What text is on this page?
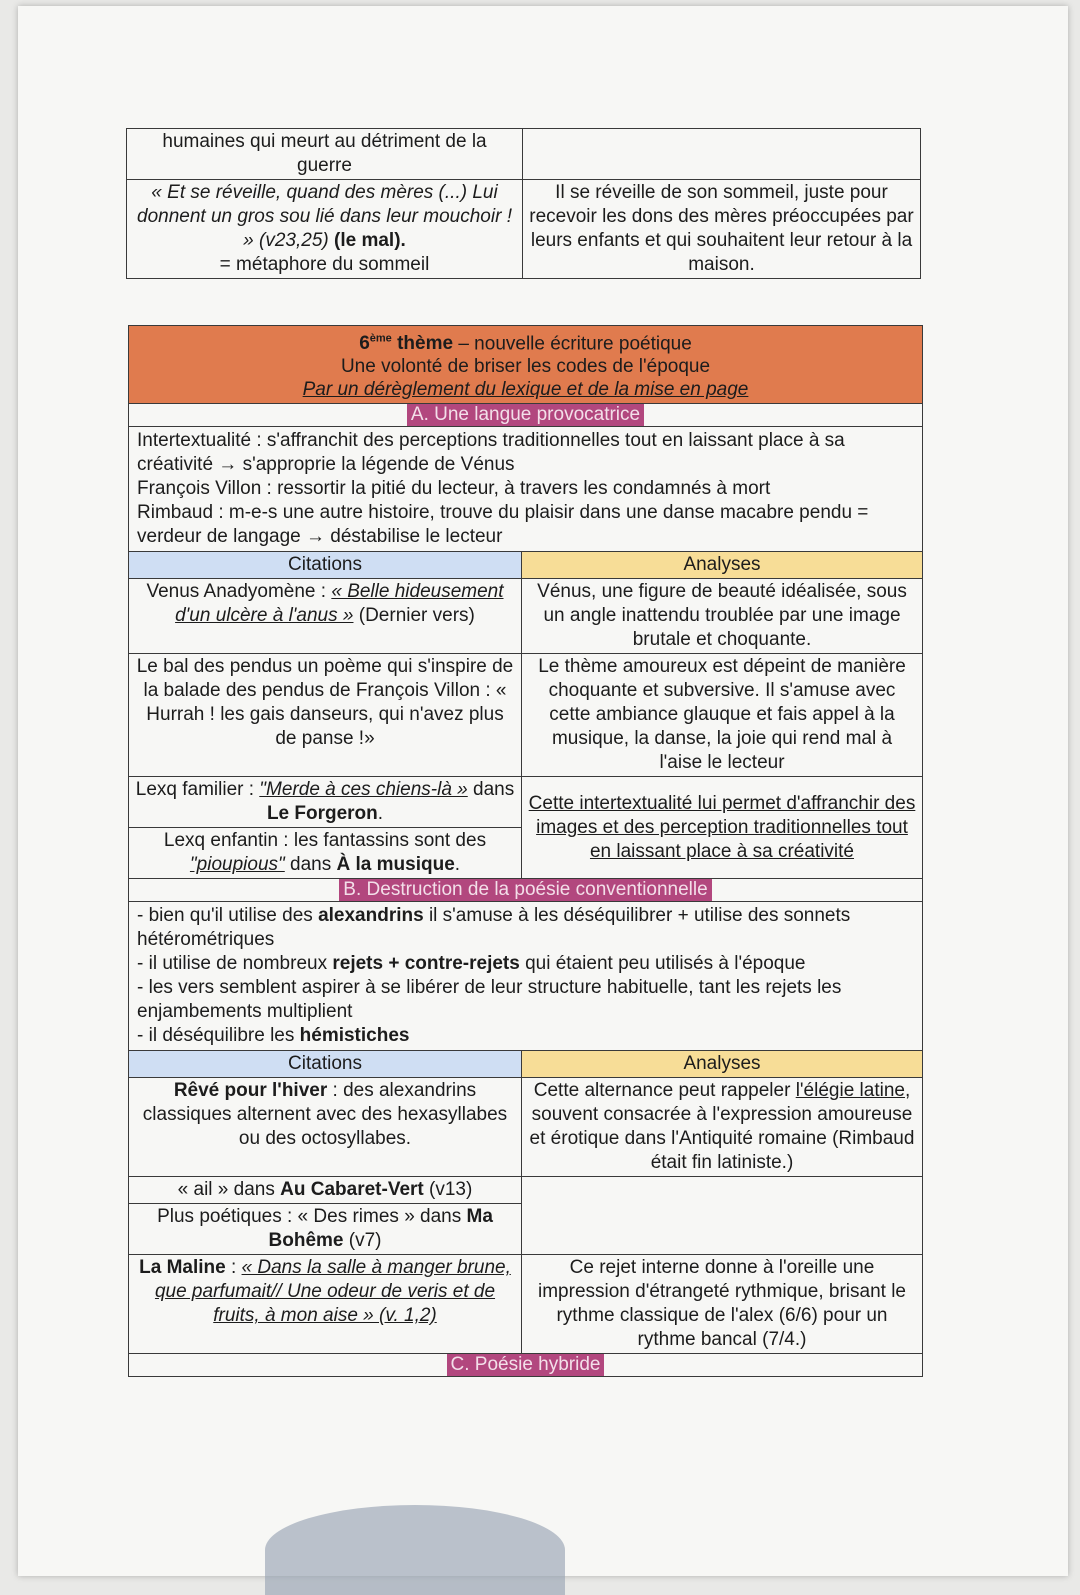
humaines qui meurt au détriment de la guerre	
« Et se réveille, quand des mères (...) Lui donnent un gros sou lié dans leur mouchoir ! » (v23,25) (le mal).
= métaphore du sommeil	Il se réveille de son sommeil, juste pour recevoir les dons des mères préoccupées par leurs enfants et qui souhaitent leur retour à la maison.
6ème thème – nouvelle écriture poétique
Une volonté de briser les codes de l'époque
Par un dérèglement du lexique et de la mise en page	
A. Une langue provocatrice	

Intertextualité : s'affranchit des perceptions traditionnelles tout en laissant place à sa créativité → s'approprie la légende de Vénus

François Villon : ressortir la pitié du lecteur, à travers les condamnés à mort

Rimbaud : m-e-s une autre histoire, trouve du plaisir dans une danse macabre pendu = verdeur de langage → déstabilise le lecteur	

Citations	Analyses
Venus Anadyomène : « Belle hideusement d'un ulcère à l'anus » (Dernier vers)	Vénus, une figure de beauté idéalisée, sous un angle inattendu troublée par une image brutale et choquante.
Le bal des pendus un poème qui s'inspire de la balade des pendus de François Villon : « Hurrah ! les gais danseurs, qui n'avez plus de panse !»	Le thème amoureux est dépeint de manière choquante et subversive. Il s'amuse avec cette ambiance glauque et fais appel à la musique, la danse, la joie qui rend mal à l'aise le lecteur
Lexq familier : "Merde à ces chiens-là » dans Le Forgeron.	Cette intertextualité lui permet d'affranchir des images et des perception traditionnelles tout en laissant place à sa créativité
Lexq enfantin : les fantassins sont des "pioupious" dans À la musique.	
B. Destruction de la poésie conventionnelle	

- bien qu'il utilise des alexandrins il s'amuse à les déséquilibrer + utilise des sonnets hétérométriques

- il utilise de nombreux rejets + contre-rejets qui étaient peu utilisés à l'époque

- les vers semblent aspirer à se libérer de leur structure habituelle, tant les rejets les enjambements multiplient

- il déséquilibre les hémistiches	

Citations	Analyses
Rêvé pour l'hiver : des alexandrins classiques alternent avec des hexasyllabes ou des octosyllabes.	Cette alternance peut rappeler l'élégie latine, souvent consacrée à l'expression amoureuse et érotique dans l'Antiquité romaine (Rimbaud était fin latiniste.)
« ail » dans Au Cabaret-Vert (v13)	
Plus poétiques : « Des rimes » dans Ma Bohême (v7)	
La Maline : « Dans la salle à manger brune, que parfumait// Une odeur de veris et de fruits, à mon aise » (v. 1,2)	Ce rejet interne donne à l'oreille une impression d'étrangeté rythmique, brisant le rythme classique de l'alex (6/6) pour un rythme bancal (7/4.)
C. Poésie hybride	
